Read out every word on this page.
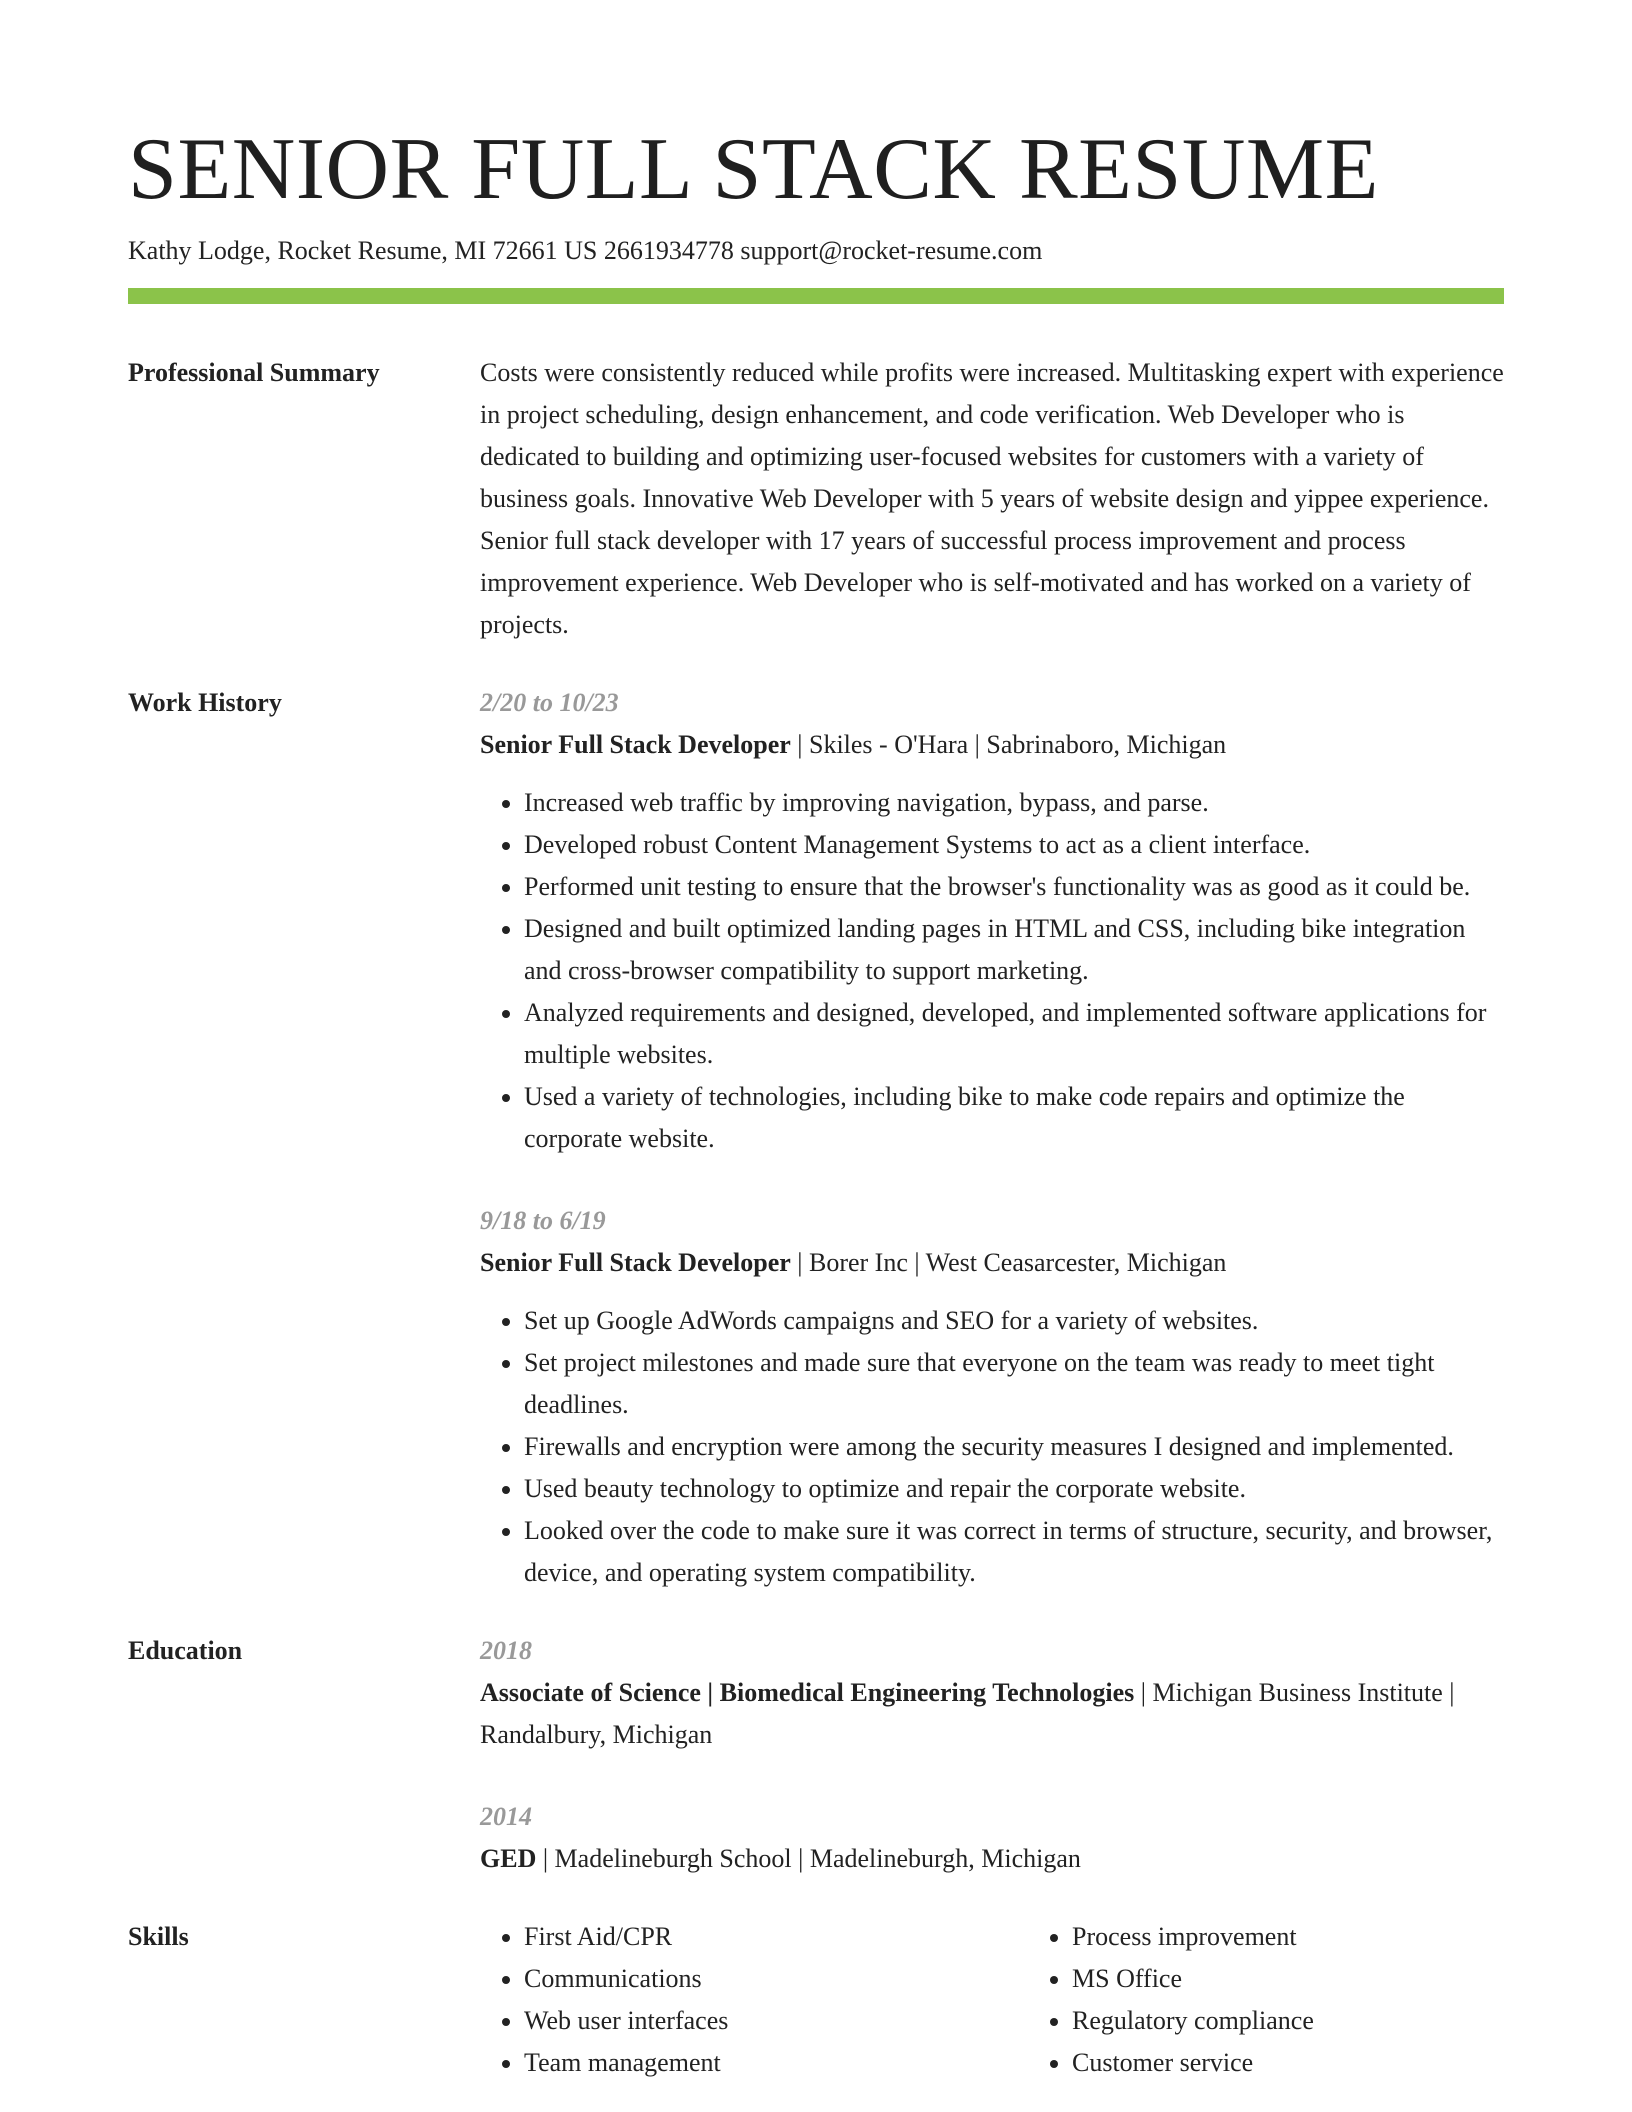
SENIOR FULL STACK RESUME
Kathy Lodge, Rocket Resume, MI 72661 US 2661934778 support@rocket-resume.com
Professional Summary	Costs were consistently reduced while profits were increased. Multitasking expert with experience in project scheduling, design enhancement, and code verification. Web Developer who is dedicated to building and optimizing user-focused websites for customers with a variety of business goals. Innovative Web Developer with 5 years of website design and yippee experience. Senior full stack developer with 17 years of successful process improvement and process improvement experience. Web Developer who is self-motivated and has worked on a variety of projects.

Work History	2/20 to 10/23
Senior Full Stack Developer | Skiles - O'Hara | Sabrinaboro, Michigan
• Increased web traffic by improving navigation, bypass, and parse.
• Developed robust Content Management Systems to act as a client interface.
• Performed unit testing to ensure that the browser's functionality was as good as it could be.
• Designed and built optimized landing pages in HTML and CSS, including bike integration and cross-browser compatibility to support marketing.
• Analyzed requirements and designed, developed, and implemented software applications for multiple websites.
• Used a variety of technologies, including bike to make code repairs and optimize the corporate website.
9/18 to 6/19
Senior Full Stack Developer | Borer Inc | West Ceasarcester, Michigan
• Set up Google AdWords campaigns and SEO for a variety of websites.
• Set project milestones and made sure that everyone on the team was ready to meet tight deadlines.
• Firewalls and encryption were among the security measures I designed and implemented.
• Used beauty technology to optimize and repair the corporate website.
• Looked over the code to make sure it was correct in terms of structure, security, and browser, device, and operating system compatibility.
Education	2018
Associate of Science | Biomedical Engineering Technologies | Michigan Business Institute | Randalbury, Michigan
2014
GED | Madelineburgh School | Madelineburgh, Michigan
Skills
•	First Aid/CPR
• Communications
• Web user interfaces
• Team management
• Process improvement
• MS Office
• Regulatory compliance
• Customer service
